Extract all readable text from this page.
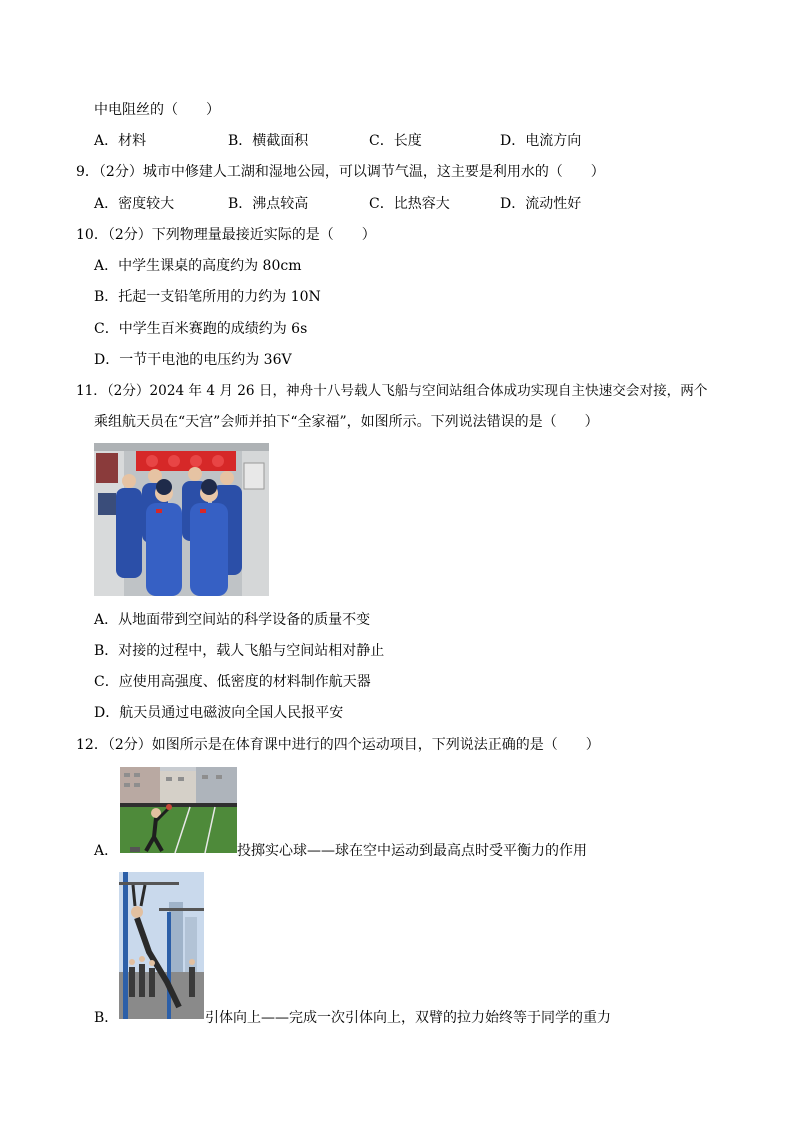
中电阻丝的（　　）
A．材料	B．横截面积	C．长度	D．电流方向
9．（2分）城市中修建人工湖和湿地公园，可以调节气温，这主要是利用水的（　　）
A．密度较大	B．沸点较高	C．比热容大	D．流动性好
10．（2分）下列物理量最接近实际的是（　　）
A．中学生课桌的高度约为 80cm
B．托起一支铅笔所用的力约为 10N
C．中学生百米赛跑的成绩约为 6s
D．一节干电池的电压约为 36V
11．（2分）2024 年 4 月 26 日，神舟十八号载人飞船与空间站组合体成功实现自主快速交会对接，两个
乘组航天员在“天宫”会师并拍下“全家福”，如图所示。下列说法错误的是（　　）
A．从地面带到空间站的科学设备的质量不变
B．对接的过程中，载人飞船与空间站相对静止
C．应使用高强度、低密度的材料制作航天器
D．航天员通过电磁波向全国人民报平安
12．（2分）如图所示是在体育课中进行的四个运动项目，下列说法正确的是（　　）
A．	投掷实心球——球在空中运动到最高点时受平衡力的作用
B．	引体向上——完成一次引体向上，双臂的拉力始终等于同学的重力
